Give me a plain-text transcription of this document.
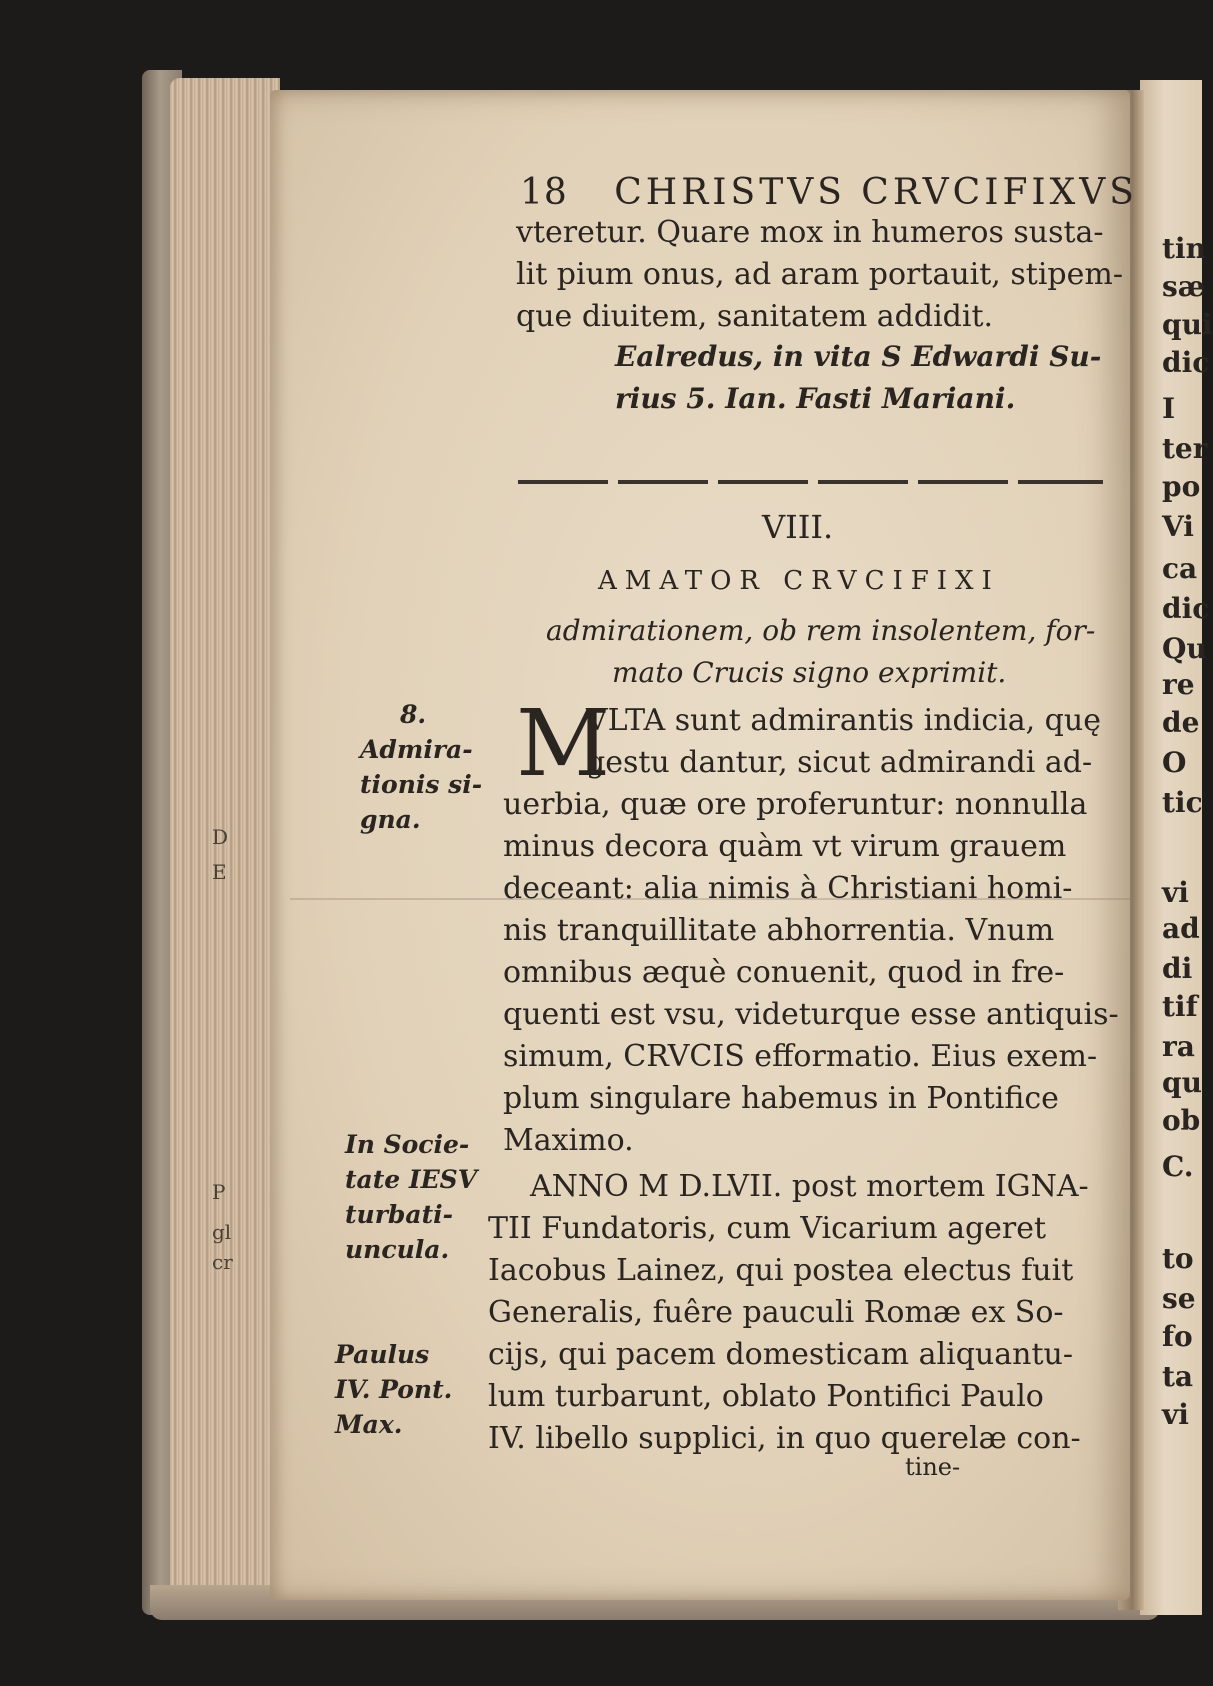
D
E
P
gl
cr
18 CHRISTVS CRVCIFIXVS
vteretur. Quare mox in humeros susta-
lit pium onus, ad aram portauit, stipem-
que diuitem, sanitatem addidit.
Ealredus, in vita S Edwardi Su-
rius 5. Ian. Fasti Mariani.
VIII.
AMATOR CRVCIFIXI
admirationem, ob rem insolentem, for-
mato Crucis signo exprimit.
M
VLTA sunt admirantis indicia, quę
gestu dantur, sicut admirandi ad-
uerbia, quæ ore proferuntur: nonnulla
minus decora quàm vt virum grauem
deceant: alia nimis à Christiani homi-
nis tranquillitate abhorrentia. Vnum
omnibus æquè conuenit, quod in fre-
quenti est vsu, videturque esse antiquis-
simum, CRVCIS efformatio. Eius exem-
plum singulare habemus in Pontifice
Maximo.
ANNO M D.LVII. post mortem IGNA-
TII Fundatoris, cum Vicarium ageret
Iacobus Lainez, qui postea electus fuit
Generalis, fuêre pauculi Romæ ex So-
cijs, qui pacem domesticam aliquantu-
lum turbarunt, oblato Pontifici Paulo
IV. libello supplici, in quo querelæ con-
tine-
8.
Admira-
tionis si-
gna.
In Socie-
tate IESV
turbati-
uncula.
Paulus
IV. Pont.
Max.
tin
sæ
qui
dic
I
ter
po
Vi
ca
dic
Qu
re
de
O
tic
vi
ad
di
tif
ra
qu
ob
C.
to
se
fo
ta
vi
